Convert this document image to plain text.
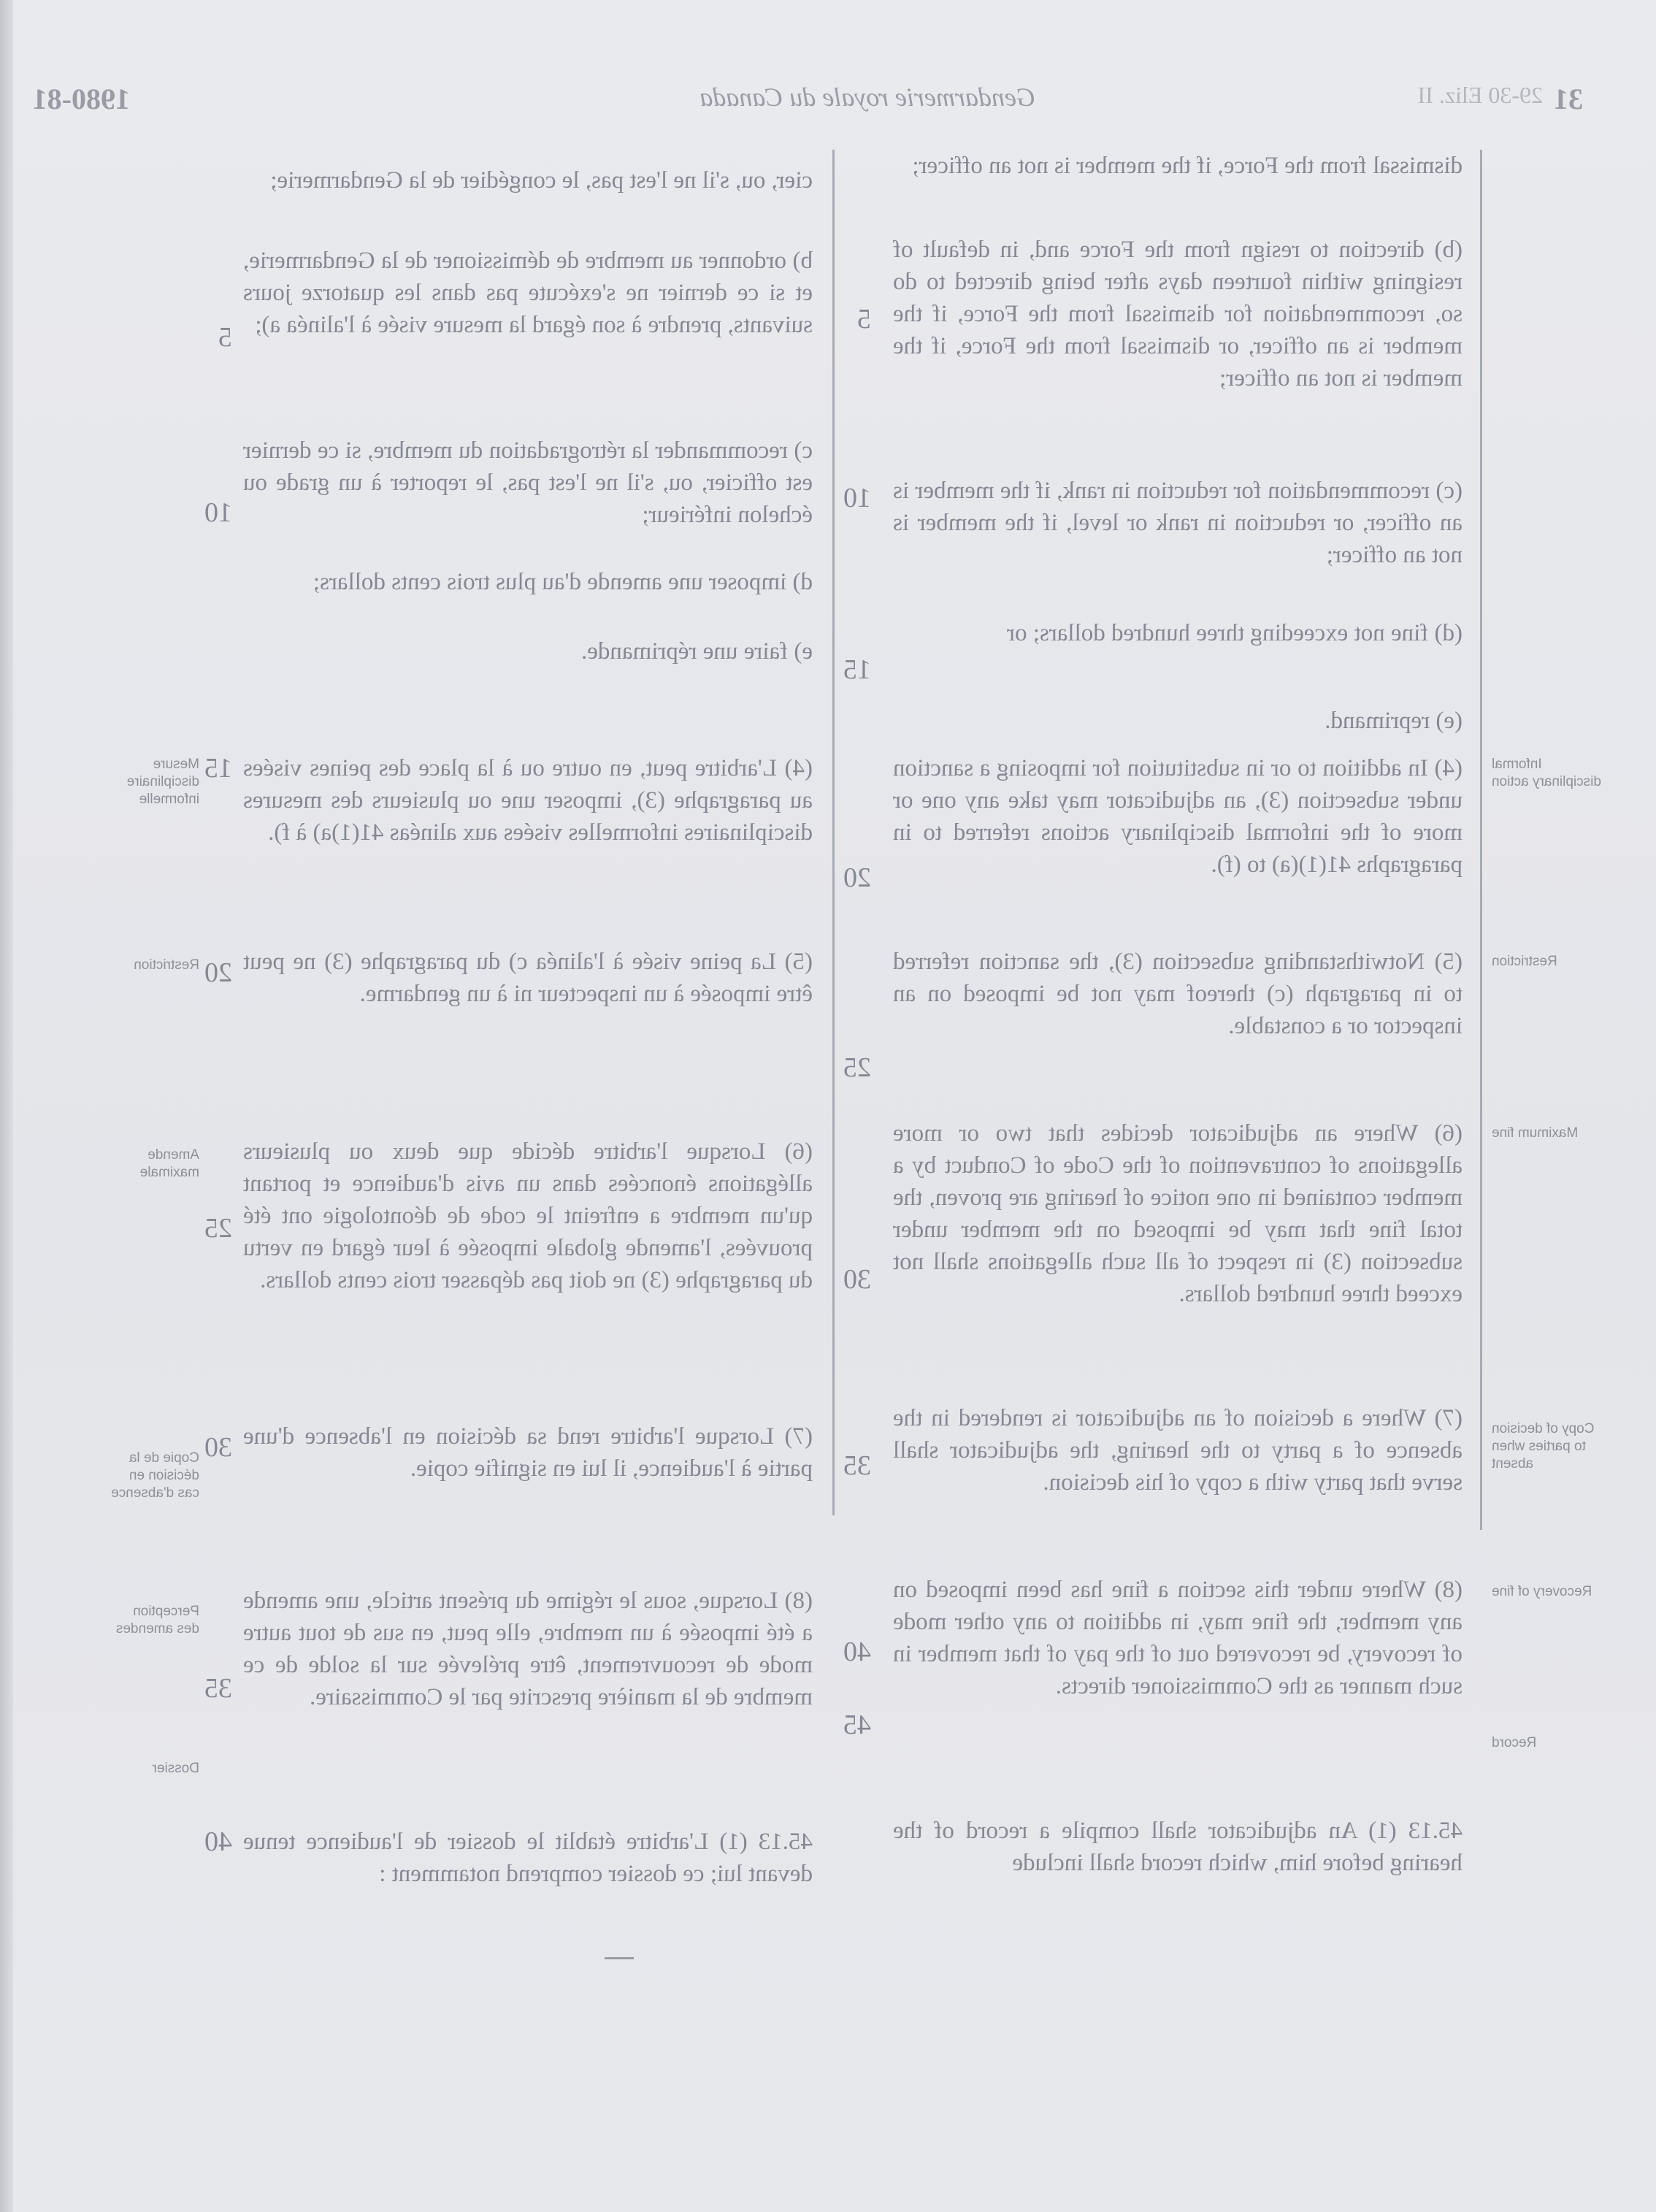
31
29-30 Eliz. II
Gendarmerie royale du Canada
1980-81

dismissal from the Force, if the member is not an officer;

(b) direction to resign from the Force and, in default of resigning within fourteen days after being directed to do so, recommendation for dismissal from the Force, if the member is an officer, or dismissal from the Force, if the member is not an officer;

(c) recommendation for reduction in rank, if the member is an officer, or reduction in rank or level, if the member is not an officer;

(d) fine not exceeding three hundred dollars; or

(e) reprimand.

(4) In addition to or in substitution for imposing a sanction under subsection (3), an adjudicator may take any one or more of the informal disciplinary actions referred to in paragraphs 41(1)(a) to (f).

(5) Notwithstanding subsection (3), the sanction referred to in paragraph (c) thereof may not be imposed on an inspector or a constable.

(6) Where an adjudicator decides that two or more allegations of contravention of the Code of Conduct by a member contained in one notice of hearing are proven, the total fine that may be imposed on the member under subsection (3) in respect of all such allegations shall not exceed three hundred dollars.

(7) Where a decision of an adjudicator is rendered in the absence of a party to the hearing, the adjudicator shall serve that party with a copy of his decision.

(8) Where under this section a fine has been imposed on any member, the fine may, in addition to any other mode of recovery, be recovered out of the pay of that member in such manner as the Commissioner directs.

45.13 (1) An adjudicator shall compile a record of the hearing before him, which record shall include

Informal disciplinary action
Restriction
Maximum fine
Copy of decision to parties when absent
Recovery of fine
Record
5
10
15
20
25
30
35
40
45

cier, ou, s'il ne l'est pas, le congédier de la Gendarmerie;

b) ordonner au membre de démissioner de la Gendarmerie, et si ce dernier ne s'exécute pas dans les quatorze jours suivants, prendre à son égard la mesure visée à l'alinéa a);

c) recommander la rétrogradation du membre, si ce dernier est officier, ou, s'il ne l'est pas, le reporter à un grade ou échelon inférieur;

d) imposer une amende d'au plus trois cents dollars;

e) faire une réprimande.

(4) L'arbitre peut, en outre ou à la place des peines visées au paragraphe (3), imposer une ou plusieurs des mesures disciplinaires informelles visées aux alinéas 41(1)a) à f).

(5) La peine visée à l'alinéa c) du paragraphe (3) ne peut être imposée à un inspecteur ni à un gendarme.

(6) Lorsque l'arbitre décide que deux ou plusieurs allégations énoncées dans un avis d'audience et portant qu'un membre a enfreint le code de déontologie ont été prouvées, l'amende globale imposée à leur égard en vertu du paragraphe (3) ne doit pas dépasser trois cents dollars.

(7) Lorsque l'arbitre rend sa décision en l'absence d'une partie à l'audience, il lui en signifie copie.

(8) Lorsque, sous le régime du présent article, une amende a été imposée à un membre, elle peut, en sus de tout autre mode de recouvrement, être prélevée sur la solde de ce membre de la manière prescrite par le Commissaire.

45.13 (1) L'arbitre établit le dossier de l'audience tenue devant lui; ce dossier comprend notamment :

5
10
15
20
25
30
35
40
Mesure disciplinaire informelle
Restriction
Amende maximale
Copie de la décision en cas d'absence
Perception des amendes
Dossier
